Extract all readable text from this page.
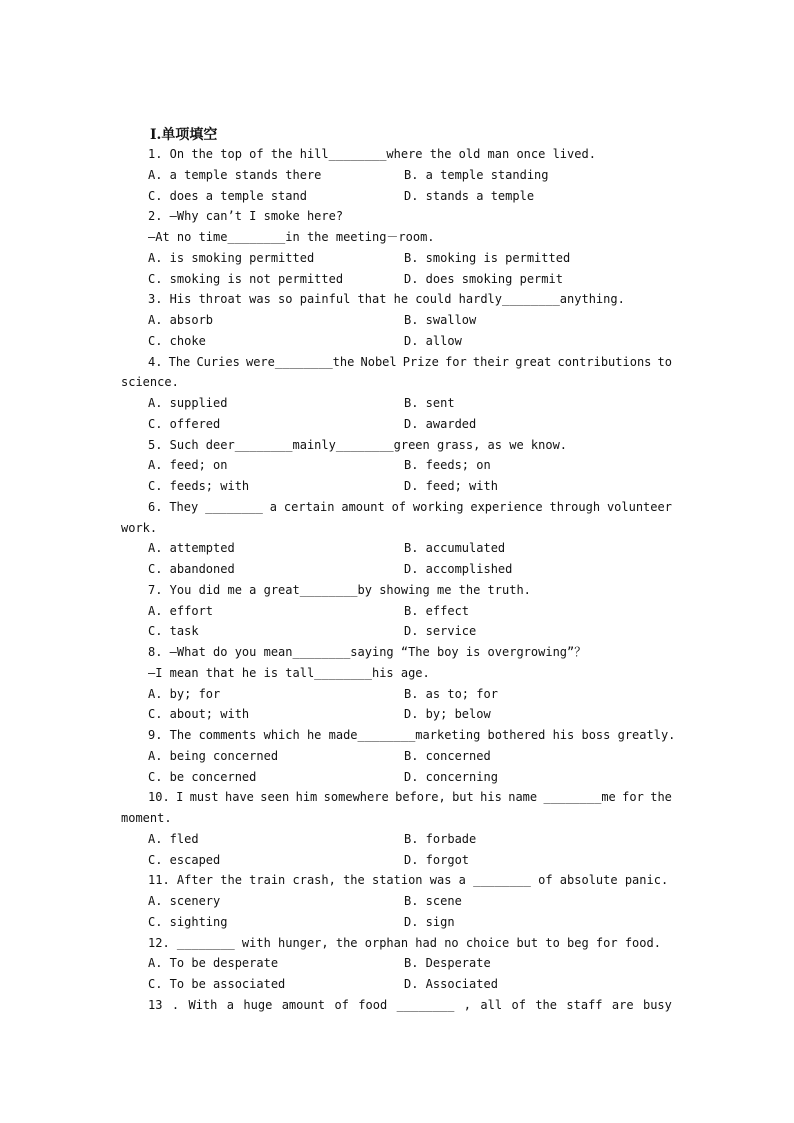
Ⅰ.单项填空
1. On the top of the hill________where the old man once lived.
A. a temple stands there	B. a temple standing
C. does a temple stand	D. stands a temple
2. —Why can’t I smoke here?
—At no time________in the meeting－room.
A. is smoking permitted	B. smoking is permitted
C. smoking is not permitted	D. does smoking permit
3. His throat was so painful that he could hardly________anything.
A. absorb	B. swallow
C. choke	D. allow
4. The Curies were________the Nobel Prize for their great contributions to
science.
A. supplied	B. sent
C. offered	D. awarded
5. Such deer________mainly________green grass, as we know.
A. feed; on	B. feeds; on
C. feeds; with	D. feed; with
6. They ________ a certain amount of working experience through volunteer
work.
A. attempted	B. accumulated
C. abandoned	D. accomplished
7. You did me a great________by showing me the truth.
A. effort	B. effect
C. task	D. service
8. —What do you mean________saying “The boy is overgrowing”？
—I mean that he is tall________his age.
A. by; for	B. as to; for
C. about; with	D. by; below
9. The comments which he made________marketing bothered his boss greatly.
A. being concerned	B. concerned
C. be concerned	D. concerning
10. I must have seen him somewhere before, but his name ________me for the
moment.
A. fled	B. forbade
C. escaped	D. forgot
11. After the train crash, the station was a ________ of absolute panic.
A. scenery	B. scene
C. sighting	D. sign
12. ________ with hunger, the orphan had no choice but to beg for food.
A. To be desperate	B. Desperate
C. To be associated	D. Associated
13 . With a huge amount of food ________ , all of the staff are busy
